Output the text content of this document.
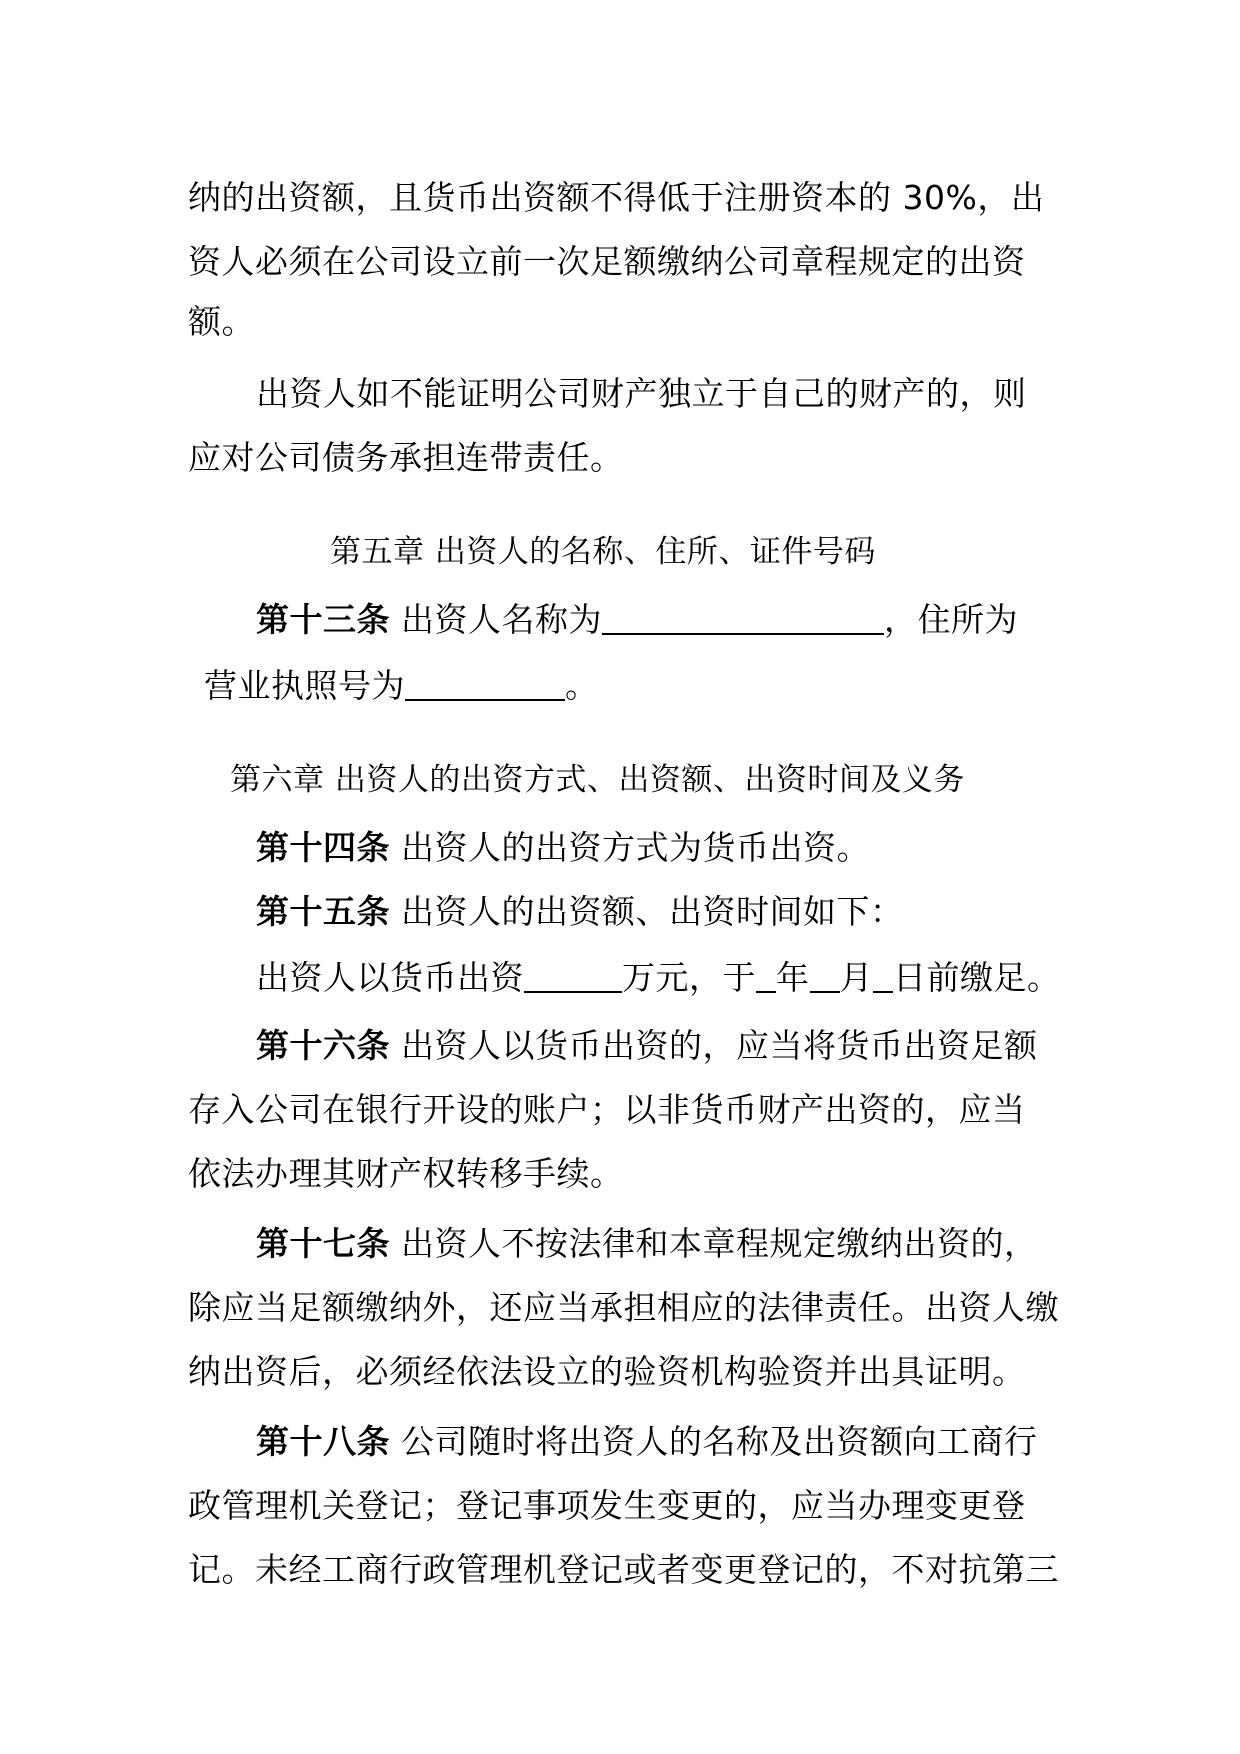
纳的出资额，且货币出资额不得低于注册资本的 30%，出
资人必须在公司设立前一次足额缴纳公司章程规定的出资
额。
出资人如不能证明公司财产独立于自己的财产的，则
应对公司债务承担连带责任。
第五章 出资人的名称、住所、证件号码
第十三条 出资人名称为	，住所为
营业执照号为	。
第六章 出资人的出资方式、出资额、出资时间及义务
第十四条 出资人的出资方式为货币出资。
第十五条 出资人的出资额、出资时间如下：
出资人以货币出资	万元，于 年 月 日前缴足。
第十六条 出资人以货币出资的，应当将货币出资足额
存入公司在银行开设的账户；以非货币财产出资的，应当
依法办理其财产权转移手续。
第十七条 出资人不按法律和本章程规定缴纳出资的，
除应当足额缴纳外，还应当承担相应的法律责任。出资人缴
纳出资后，必须经依法设立的验资机构验资并出具证明。
第十八条 公司随时将出资人的名称及出资额向工商行
政管理机关登记；登记事项发生变更的，应当办理变更登
记。未经工商行政管理机登记或者变更登记的，不对抗第三
